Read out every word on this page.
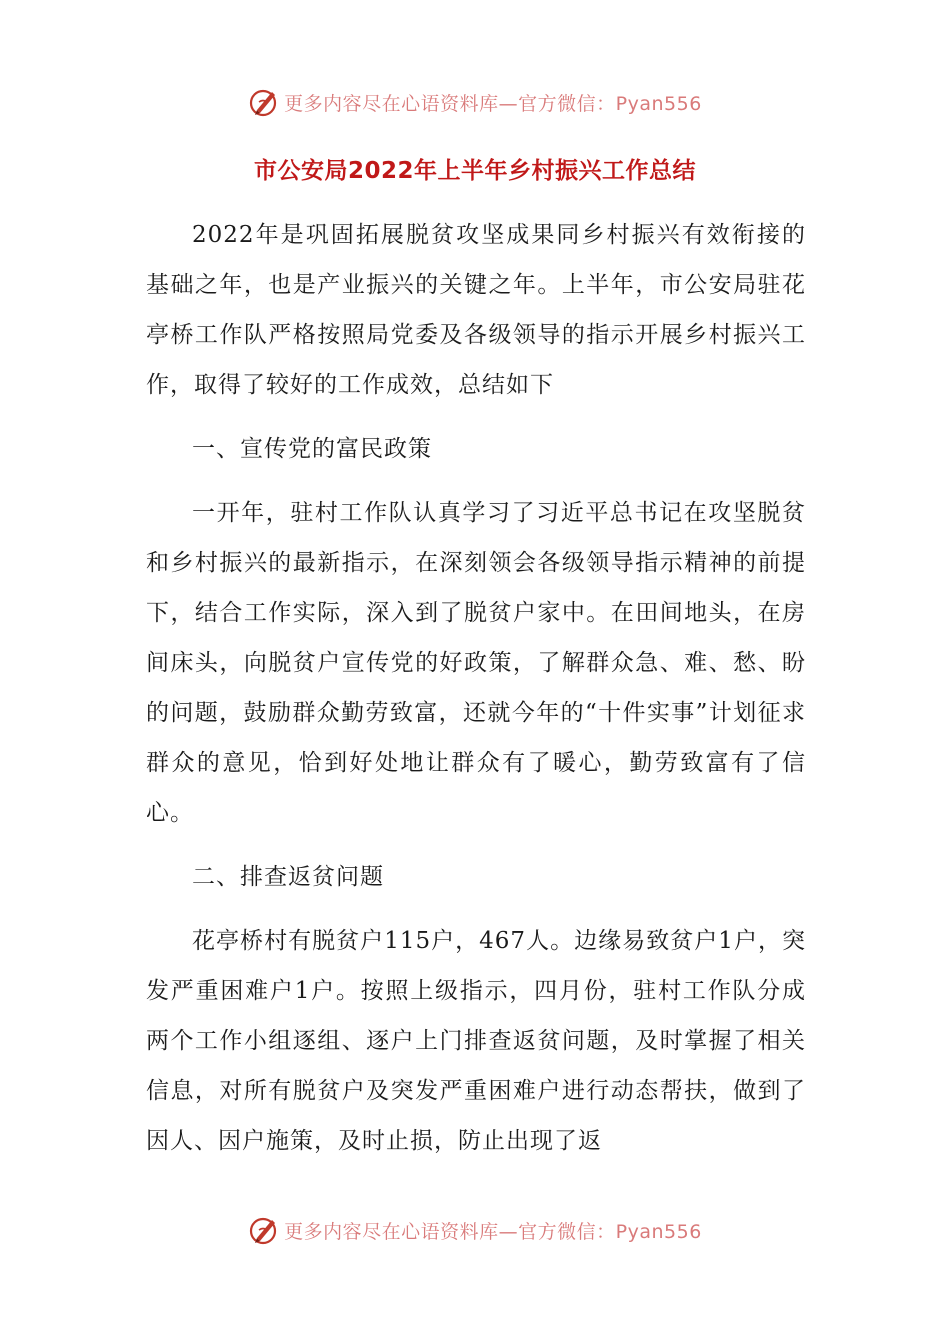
更多内容尽在心语资料库—官方微信：Pyan556
市公安局2022年上半年乡村振兴工作总结

2022年是巩固拓展脱贫攻坚成果同乡村振兴有效衔接的基础之年，也是产业振兴的关键之年。上半年，市公安局驻花亭桥工作队严格按照局党委及各级领导的指示开展乡村振兴工作，取得了较好的工作成效，总结如下

一、宣传党的富民政策

一开年，驻村工作队认真学习了习近平总书记在攻坚脱贫和乡村振兴的最新指示，在深刻领会各级领导指示精神的前提下，结合工作实际，深入到了脱贫户家中。在田间地头，在房间床头，向脱贫户宣传党的好政策，了解群众急、难、愁、盼的问题，鼓励群众勤劳致富，还就今年的“十件实事”计划征求群众的意见，恰到好处地让群众有了暖心，勤劳致富有了信心。

二、排查返贫问题

花亭桥村有脱贫户115户，467人。边缘易致贫户1户，突发严重困难户1户。按照上级指示，四月份，驻村工作队分成两个工作小组逐组、逐户上门排查返贫问题，及时掌握了相关信息，对所有脱贫户及突发严重困难户进行动态帮扶，做到了因人、因户施策，及时止损，防止出现了返

更多内容尽在心语资料库—官方微信：Pyan556
